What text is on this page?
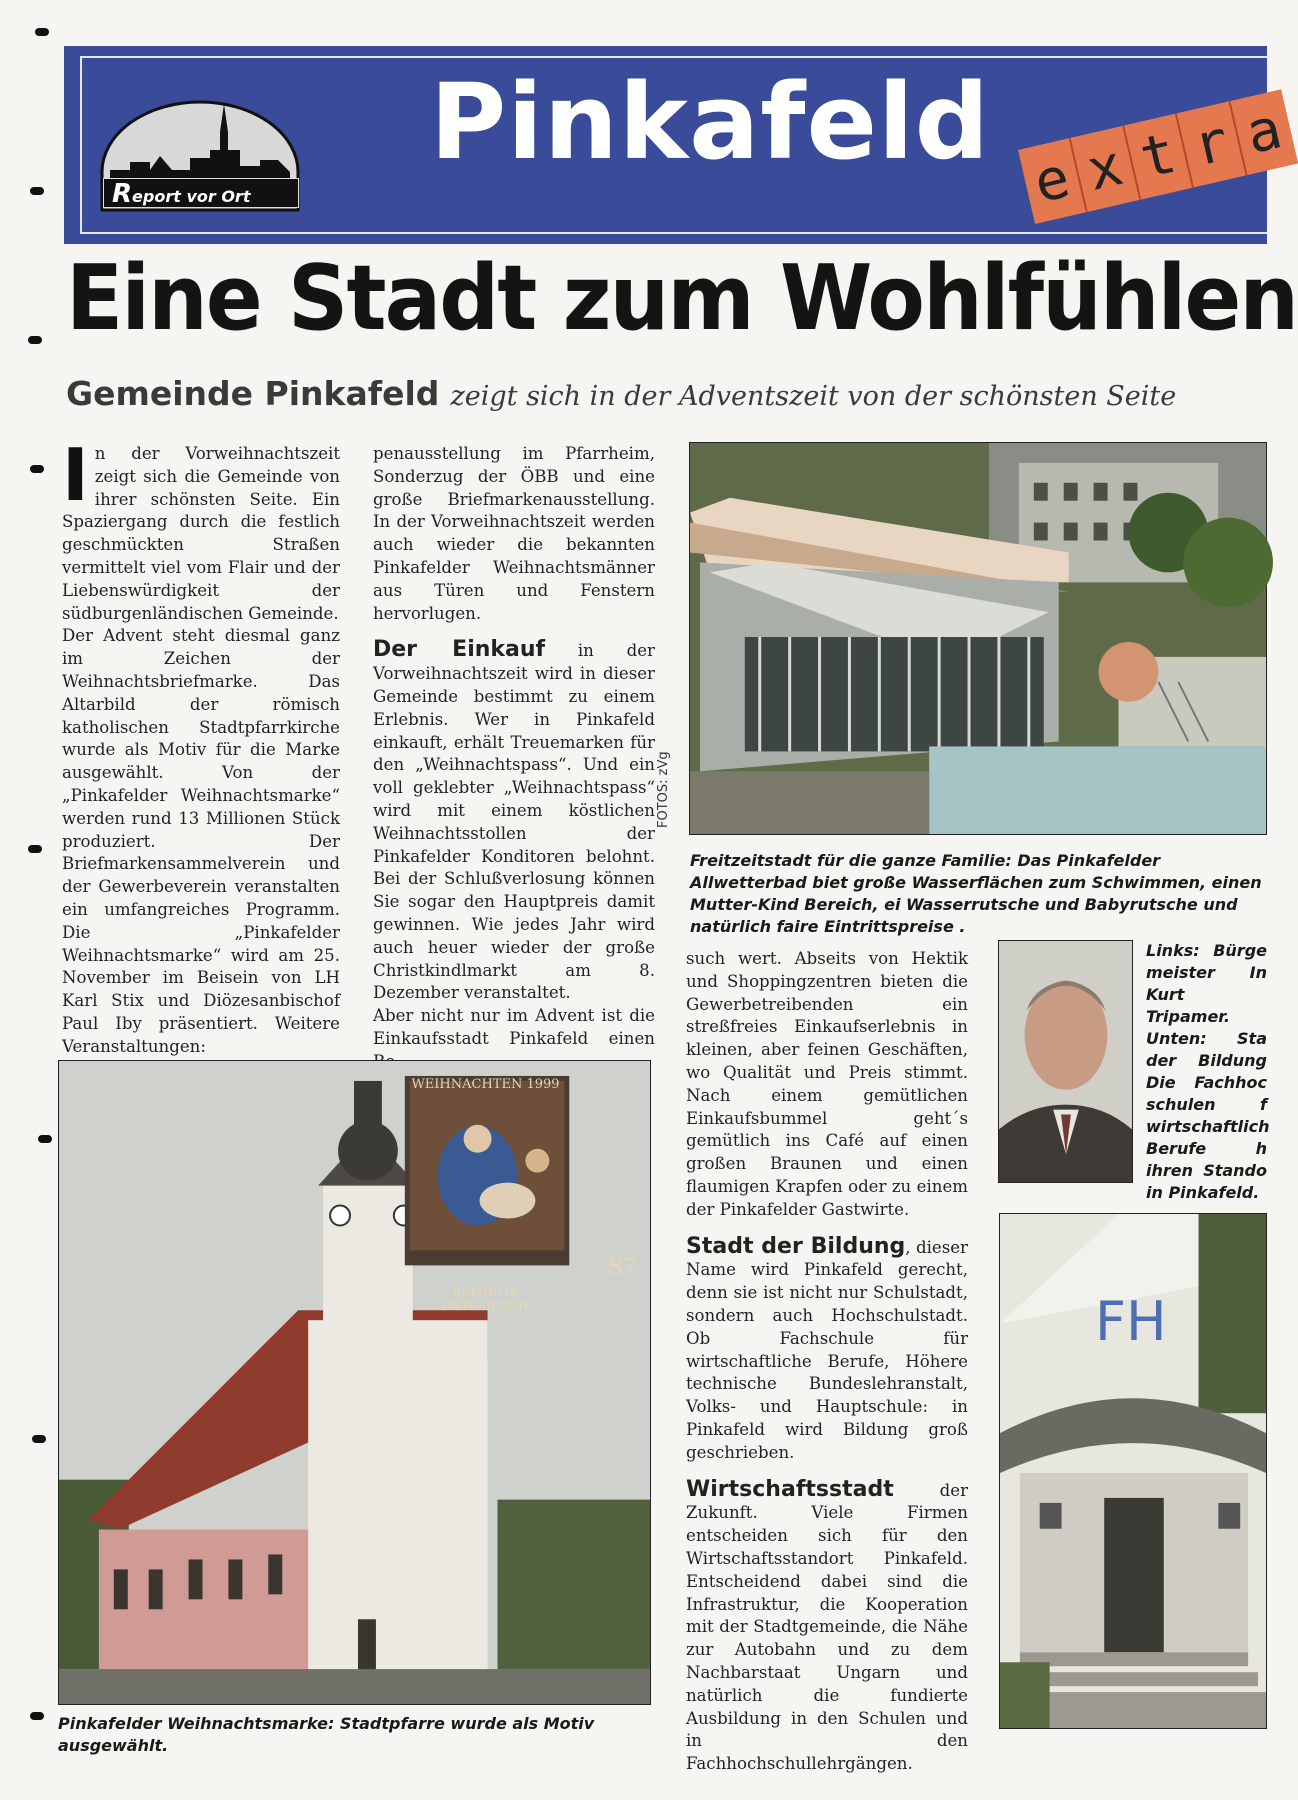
Report vor Ort
Pinkafeld e x t r a
Eine Stadt zum Wohlfühlen
Gemeinde Pinkafeld zeigt sich in der Adventszeit von der schönsten Seite

In der Vorweihnachtszeit zeigt sich die Gemeinde von ihrer schönsten Seite. Ein Spaziergang durch die festlich geschmückten Straßen vermittelt viel vom Flair und der Liebenswürdigkeit der südburgenländischen Gemeinde.

Der Advent steht diesmal ganz im Zeichen der Weihnachtsbriefmarke. Das Altarbild der römisch katholischen Stadtpfarrkirche wurde als Motiv für die Marke ausgewählt. Von der „Pinkafelder Weihnachtsmarke“ werden rund 13 Millionen Stück produziert. Der Briefmarkensammelverein und der Gewerbeverein veranstalten ein umfangreiches Programm. Die „Pinkafelder Weihnachtsmarke“ wird am 25. November im Beisein von LH Karl Stix und Diözesanbischof Paul Iby präsentiert. Weitere Veranstaltungen:

penausstellung im Pfarrheim, Sonderzug der ÖBB und eine große Briefmarkenausstellung. In der Vorweihnachtszeit werden auch wieder die bekannten Pinkafelder Weihnachtsmänner aus Türen und Fenstern hervorlugen.

Der Einkauf in der Vorweihnachtszeit wird in dieser Gemeinde bestimmt zu einem Erlebnis. Wer in Pinkafeld einkauft, erhält Treuemarken für den „Weihnachtspass“. Und ein voll geklebter „Weihnachtspass“ wird mit einem köstlichen Weihnachtsstollen der Pinkafelder Konditoren belohnt. Bei der Schlußverlosung können Sie sogar den Hauptpreis damit gewinnen. Wie jedes Jahr wird auch heuer wieder der große Christkindlmarkt am 8. Dezember veranstaltet.

Aber nicht nur im Advent ist die Einkaufsstadt Pinkafeld einen

such wert. Abseits von Hektik und Shoppingzentren bieten die Gewerbetreibenden ein streßfreies Einkaufserlebnis in kleinen, aber feinen Geschäften, wo Qualität und Preis stimmt. Nach einem gemütlichen Einkaufsbummel geht´s gemütlich ins Café auf einen großen Braunen und einen flaumigen Krapfen oder zu einem der Pinkafelder Gastwirte.

Stadt der Bildung, dieser Name wird Pinkafeld gerecht, denn sie ist nicht nur Schulstadt, sondern auch Hochschulstadt. Ob Fachschule für wirtschaftliche Berufe, Höhere technische Bundeslehranstalt, Volks- und Hauptschule: in Pinkafeld wird Bildung groß geschrieben.

Wirtschaftsstadt	der Zukunft. Viele Firmen entscheiden sich für den Wirtschaftsstandort Pinkafeld. Entscheidend dabei sind die Infrastruktur, die Kooperation mit der Stadtgemeinde, die Nähe zur Autobahn und zu dem Nachbarstaat Ungarn und natürlich die fundierte Ausbildung in den Schulen und in den Fachhochschullehrgängen.

FOTOS: zVg
Freitzeitstadt für die ganze Familie: Das Pinkafelder Allwetterbad biet große Wasserflächen zum Schwimmen, einen Mutter-Kind Bereich, ei Wasserrutsche und Babyrutsche und natürlich faire Eintrittspreise .
Links: Bürge meister In Kurt Tripamer. Unten: Sta der Bildung Die Fachhoc schulen f wirtschaftlich Berufe h ihren Stando in Pinkafeld.
WEIHNACHTEN 1999
S7
REPUBLIK ÖSTERREICH
Pinkafelder Weihnachtsmarke: Stadtpfarre wurde als Motiv ausgewählt.
FH
